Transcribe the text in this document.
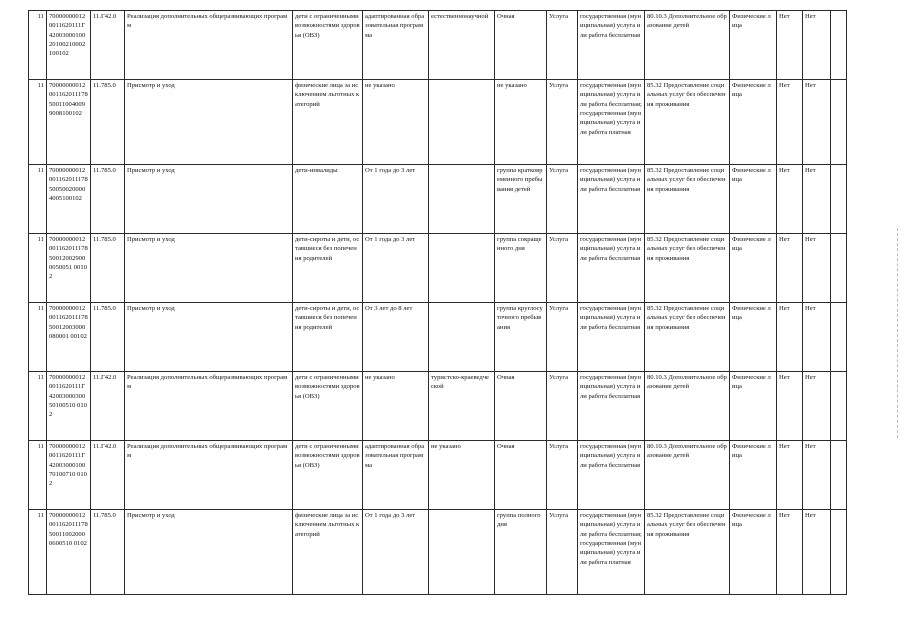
11	700000000120011620111Г4200300010020100210002100102	11.Г42.0	Реализация дополнительных общеразвивающих программ	дети с ограниченными возможностями здоровья (ОВЗ)	адаптированная образовательная программа	естественнонаучной	Очная	Услуга	государственная (муниципальная) услуга или работа бесплатная	80.10.3 Дополнительное образование детей	Физические лица	Нет	Нет	
11	70000000012001162011178500110040099008100102	11.785.0	Присмотр и уход	физические лица за исключением льготных категорий	не указано		не указано	Услуга	государственная (муниципальная) услуга или работа бесплатная; государственная (муниципальная) услуга или работа платная	85.32 Предоставление социальных услуг без обеспечения проживания	Физические лица	Нет	Нет	
11	70000000012001162011178500500200004005100102	11.785.0	Присмотр и уход	дети-инвалиды	От 1 года до 3 лет		группа кратковременного пребывания детей	Услуга	государственная (муниципальная) услуга или работа бесплатная	85.32 Предоставление социальных услуг без обеспечения проживания	Физические лица	Нет	Нет	
11	70000000012001162011178500120029000050051 00102	11.785.0	Присмотр и уход	дети-сироты и дети, оставшиеся без попечения родителей	От 1 года до 3 лет		группа сокращенного дня	Услуга	государственная (муниципальная) услуга или работа бесплатная	85.32 Предоставление социальных услуг без обеспечения проживания	Физические лица	Нет	Нет	
11	7000000001200116201117850012003000080001 00102	11.785.0	Присмотр и уход	дети-сироты и дети, оставшиеся без попечения родителей	От 3 лет до 8 лет		группа круглосуточного пребывания	Услуга	государственная (муниципальная) услуга или работа бесплатная	85.32 Предоставление социальных услуг без обеспечения проживания	Физические лица	Нет	Нет	
11	700000000120011620111Г4200300030050100510 0102	11.Г42.0	Реализация дополнительных общеразвивающих программ	дети с ограниченными возможностями здоровья (ОВЗ)	не указано	туристско-краеведческой	Очная	Услуга	государственная (муниципальная) услуга или работа бесплатная	80.10.3 Дополнительное образование детей	Физические лица	Нет	Нет	
11	700000000120011620111Г4200300010070100710 0102	11.Г42.0	Реализация дополнительных общеразвивающих программ	дети с ограниченными возможностями здоровья (ОВЗ)	адаптированная образовательная программа	не указано	Очная	Услуга	государственная (муниципальная) услуга или работа бесплатная	80.10.3 Дополнительное образование детей	Физические лица	Нет	Нет	
11	70000000012001162011178500110020000600510 0102	11.785.0	Присмотр и уход	физические лица за исключением льготных категорий	От 1 года до 3 лет		группа полного дня	Услуга	государственная (муниципальная) услуга или работа бесплатная; государственная (муниципальная) услуга или работа платная	85.32 Предоставление социальных услуг без обеспечения проживания	Физические лица	Нет	Нет	
